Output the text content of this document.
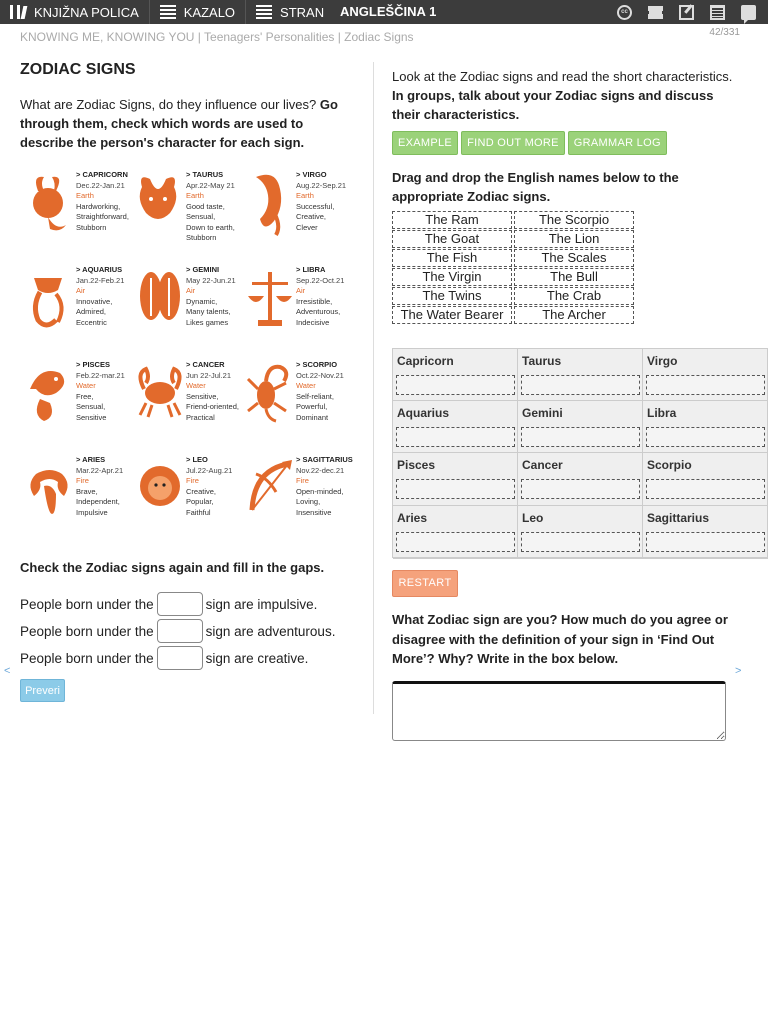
KNJIŽNA POLICA	KAZALO	STRAN ANGLEŠČINA 1	cc
KNOWING ME, KNOWING YOU | Teenagers' Personalities | Zodiac Signs	42/331
ZODIAC SIGNS
What are Zodiac Signs, do they influence our lives? Go through them, check which words are used to describe the person's character for each sign.
> CAPRICORN
Dec.22-Jan.21
Earth
Hardworking,
Straightforward,
Stubborn
> TAURUS
Apr.22-May 21
Earth
Good taste,
Sensual,
Down to earth,
Stubborn
> VIRGO
Aug.22-Sep.21
Earth
Successful,
Creative,
Clever
> AQUARIUS
Jan.22-Feb.21
Air
Innovative,
Admired,
Eccentric
> GEMINI
May 22-Jun.21
Air
Dynamic,
Many talents,
Likes games
> LIBRA
Sep.22-Oct.21
Air
Irresistible,
Adventurous,
Indecisive
> PISCES
Feb.22-mar.21
Water
Free,
Sensual,
Sensitive
> CANCER
Jun 22-Jul.21
Water
Sensitive,
Friend-oriented,
Practical
> SCORPIO
Oct.22-Nov.21
Water
Self-reliant,
Powerful,
Dominant
> ARIES
Mar.22-Apr.21
Fire
Brave,
Independent,
Impulsive
> LEO
Jul.22-Aug.21
Fire
Creative,
Popular,
Faithful
> SAGITTARIUS
Nov.22-dec.21
Fire
Open-minded,
Loving,
Insensitive
Check the Zodiac signs again and fill in the gaps.
People born under the	sign are impulsive.
People born under the	sign are adventurous.
People born under the	sign are creative.
Preveri
<	>
Look at the Zodiac signs and read the short characteristics. In groups, talk about your Zodiac signs and discuss their characteristics.
EXAMPLE	FIND OUT MORE	GRAMMAR LOG
Drag and drop the English names below to the appropriate Zodiac signs.
The Ram	The Scorpio
The Goat	The Lion
The Fish	The Scales
The Virgin	The Bull
The Twins	The Crab
The Water Bearer	The Archer
Capricorn	Taurus	Virgo
Aquarius	Gemini	Libra
Pisces	Cancer	Scorpio
Aries	Leo	Sagittarius
RESTART
What Zodiac sign are you? How much do you agree or disagree with the definition of your sign in ‘Find Out More’? Why? Write in the box below.
